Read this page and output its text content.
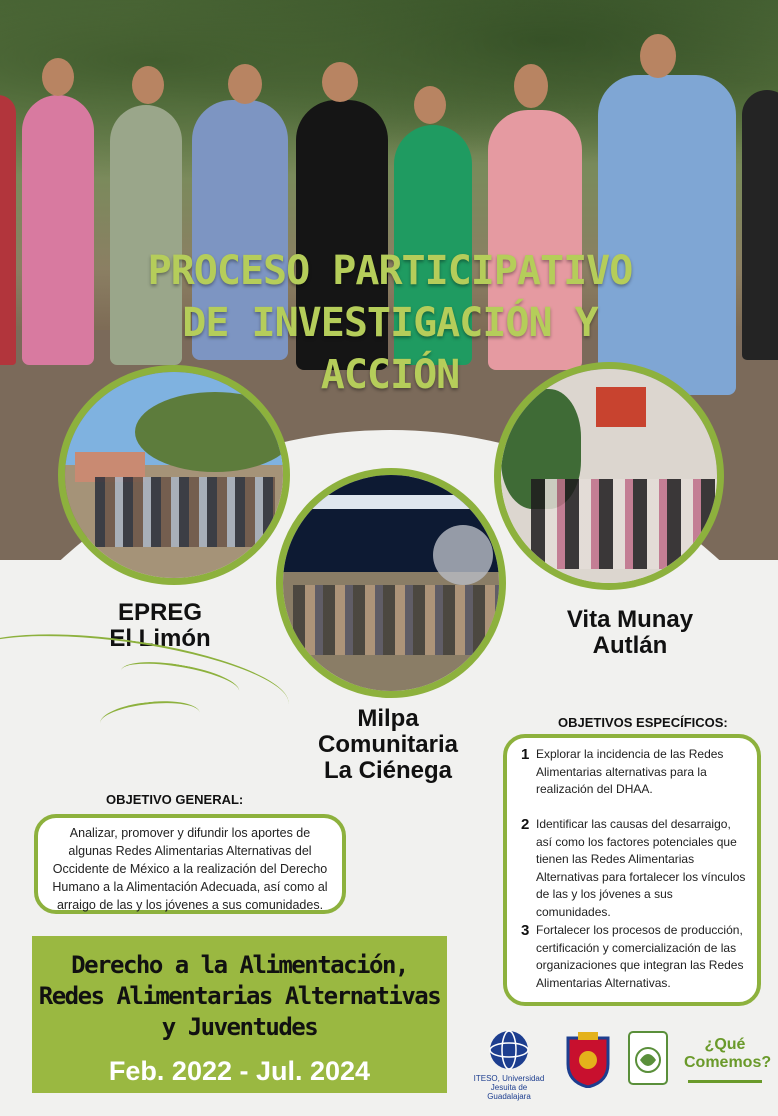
PROCESO PARTICIPATIVO
DE INVESTIGACIÓN Y
ACCIÓN
EPREG
El Limón
Milpa
Comunitaria
La Ciénega
Vita Munay
Autlán
OBJETIVO GENERAL:
Analizar, promover y difundir los aportes de algunas Redes Alimentarias Alternativas del Occidente de México a la realización del Derecho Humano a la Alimentación Adecuada, así como al arraigo de las y los jóvenes a sus comunidades.
OBJETIVOS ESPECÍFICOS:
1 Explorar la incidencia de las Redes Alimentarias alternativas para la realización del DHAA.
2 Identificar las causas del desarraigo, así como los factores potenciales que tienen las Redes Alimentarias Alternativas para fortalecer los vínculos de las y los jóvenes a sus comunidades.
3 Fortalecer los procesos de producción, certificación y comercialización de las organizaciones que integran las Redes Alimentarias Alternativas.
Derecho a la Alimentación,
Redes Alimentarias Alternativas
y Juventudes
Feb. 2022 - Jul. 2024	ITESO, Universidad
Jesuita de Guadalajara
¿Qué
Comemos?
